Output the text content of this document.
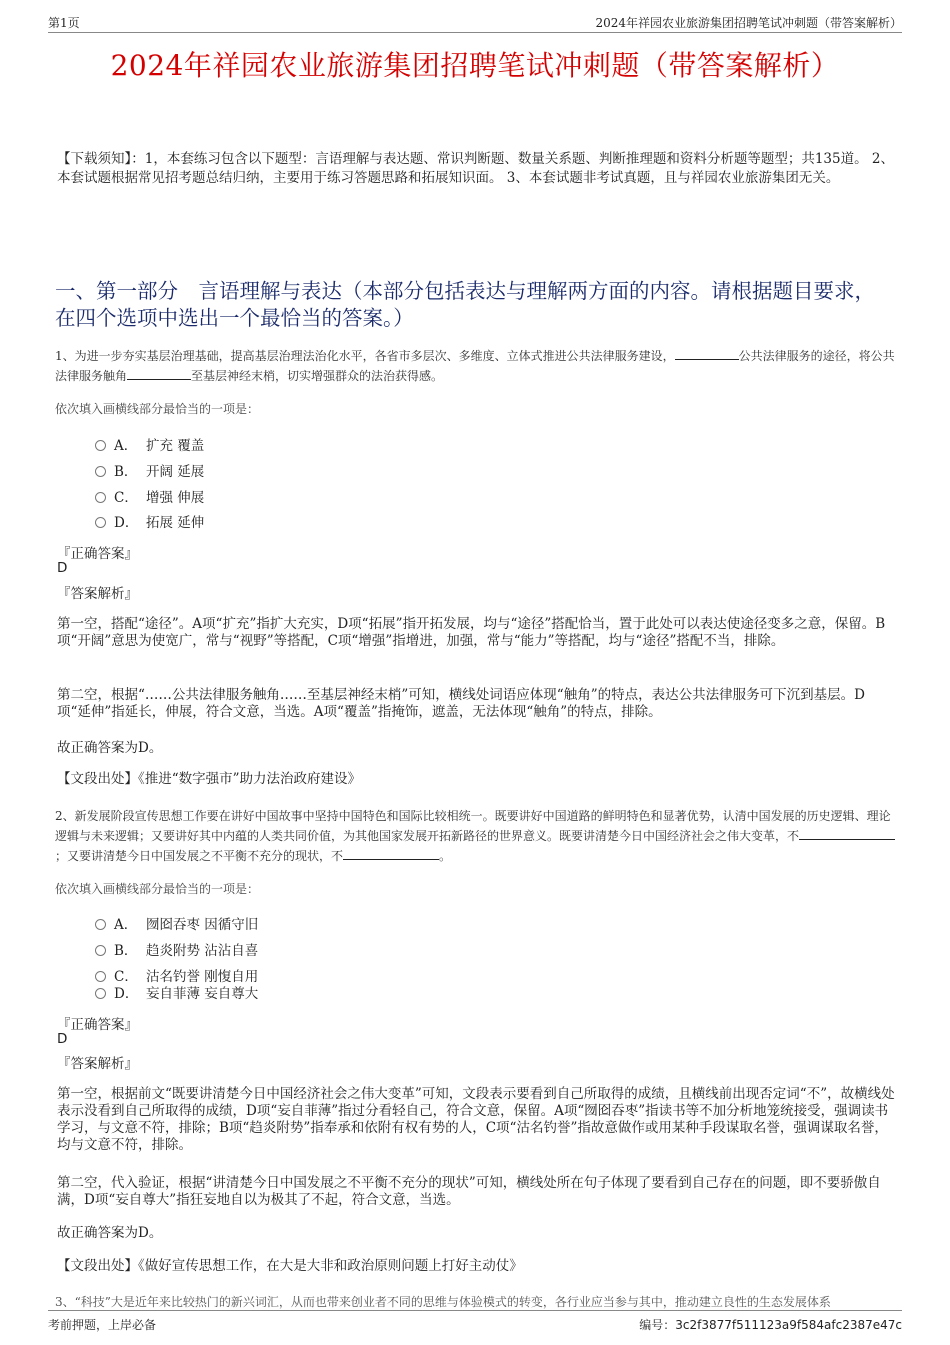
第1页	2024年祥园农业旅游集团招聘笔试冲刺题（带答案解析）
2024年祥园农业旅游集团招聘笔试冲刺题（带答案解析）
【下载须知】：1，本套练习包含以下题型：言语理解与表达题、常识判断题、数量关系题、判断推理题和资料分析题等题型；共135道。 2、本套试题根据常见招考题总结归纳，主要用于练习答题思路和拓展知识面。 3、本套试题非考试真题，且与祥园农业旅游集团无关。
一、第一部分　言语理解与表达（本部分包括表达与理解两方面的内容。请根据题目要求，在四个选项中选出一个最恰当的答案。）
1、为进一步夯实基层治理基础，提高基层治理法治化水平，各省市多层次、多维度、立体式推进公共法律服务建设，	公共法律服务的途径，将公共法律服务触角	至基层神经末梢，切实增强群众的法治获得感。
依次填入画横线部分最恰当的一项是：
A． 扩充 覆盖
B． 开阔 延展
C． 增强 伸展
D． 拓展 延伸
『正确答案』
D
『答案解析』
第一空，搭配“途径”。A项“扩充”指扩大充实，D项“拓展”指开拓发展，均与“途径”搭配恰当，置于此处可以表达使途径变多之意，保留。B项“开阔”意思为使宽广，常与“视野”等搭配，C项“增强”指增进，加强，常与“能力”等搭配，均与“途径”搭配不当，排除。
第二空，根据“……公共法律服务触角……至基层神经末梢”可知，横线处词语应体现“触角”的特点，表达公共法律服务可下沉到基层。D项“延伸”指延长，伸展，符合文意，当选。A项“覆盖”指掩饰，遮盖，无法体现“触角”的特点，排除。
故正确答案为D。
【文段出处】《推进“数字强市”助力法治政府建设》
2、新发展阶段宣传思想工作要在讲好中国故事中坚持中国特色和国际比较相统一。既要讲好中国道路的鲜明特色和显著优势，认清中国发展的历史逻辑、理论逻辑与未来逻辑；又要讲好其中内蕴的人类共同价值，为其他国家发展开拓新路径的世界意义。既要讲清楚今日中国经济社会之伟大变革，不；又要讲清楚今日中国发展之不平衡不充分的现状，不	。
依次填入画横线部分最恰当的一项是：
A． 囫囵吞枣 因循守旧
B． 趋炎附势 沾沾自喜
C． 沽名钓誉 刚愎自用
D． 妄自菲薄 妄自尊大
『正确答案』
D
『答案解析』
第一空，根据前文“既要讲清楚今日中国经济社会之伟大变革”可知，文段表示要看到自己所取得的成绩，且横线前出现否定词“不”，故横线处表示没看到自己所取得的成绩，D项“妄自菲薄”指过分看轻自己，符合文意，保留。A项“囫囵吞枣”指读书等不加分析地笼统接受，强调读书学习，与文意不符，排除；B项“趋炎附势”指奉承和依附有权有势的人，C项“沽名钓誉”指故意做作或用某种手段谋取名誉，强调谋取名誉，均与文意不符，排除。
第二空，代入验证，根据“讲清楚今日中国发展之不平衡不充分的现状”可知，横线处所在句子体现了要看到自己存在的问题，即不要骄傲自满，D项“妄自尊大”指狂妄地自以为极其了不起，符合文意，当选。
故正确答案为D。
【文段出处】《做好宣传思想工作，在大是大非和政治原则问题上打好主动仗》
3、“科技”大是近年来比较热门的新兴词汇，从而也带来创业者不同的思维与体验模式的转变，各行业应当参与其中，推动建立良性的生态发展体系
考前押题，上岸必备	编号：3c2f3877f511123a9f584afc2387e47c
